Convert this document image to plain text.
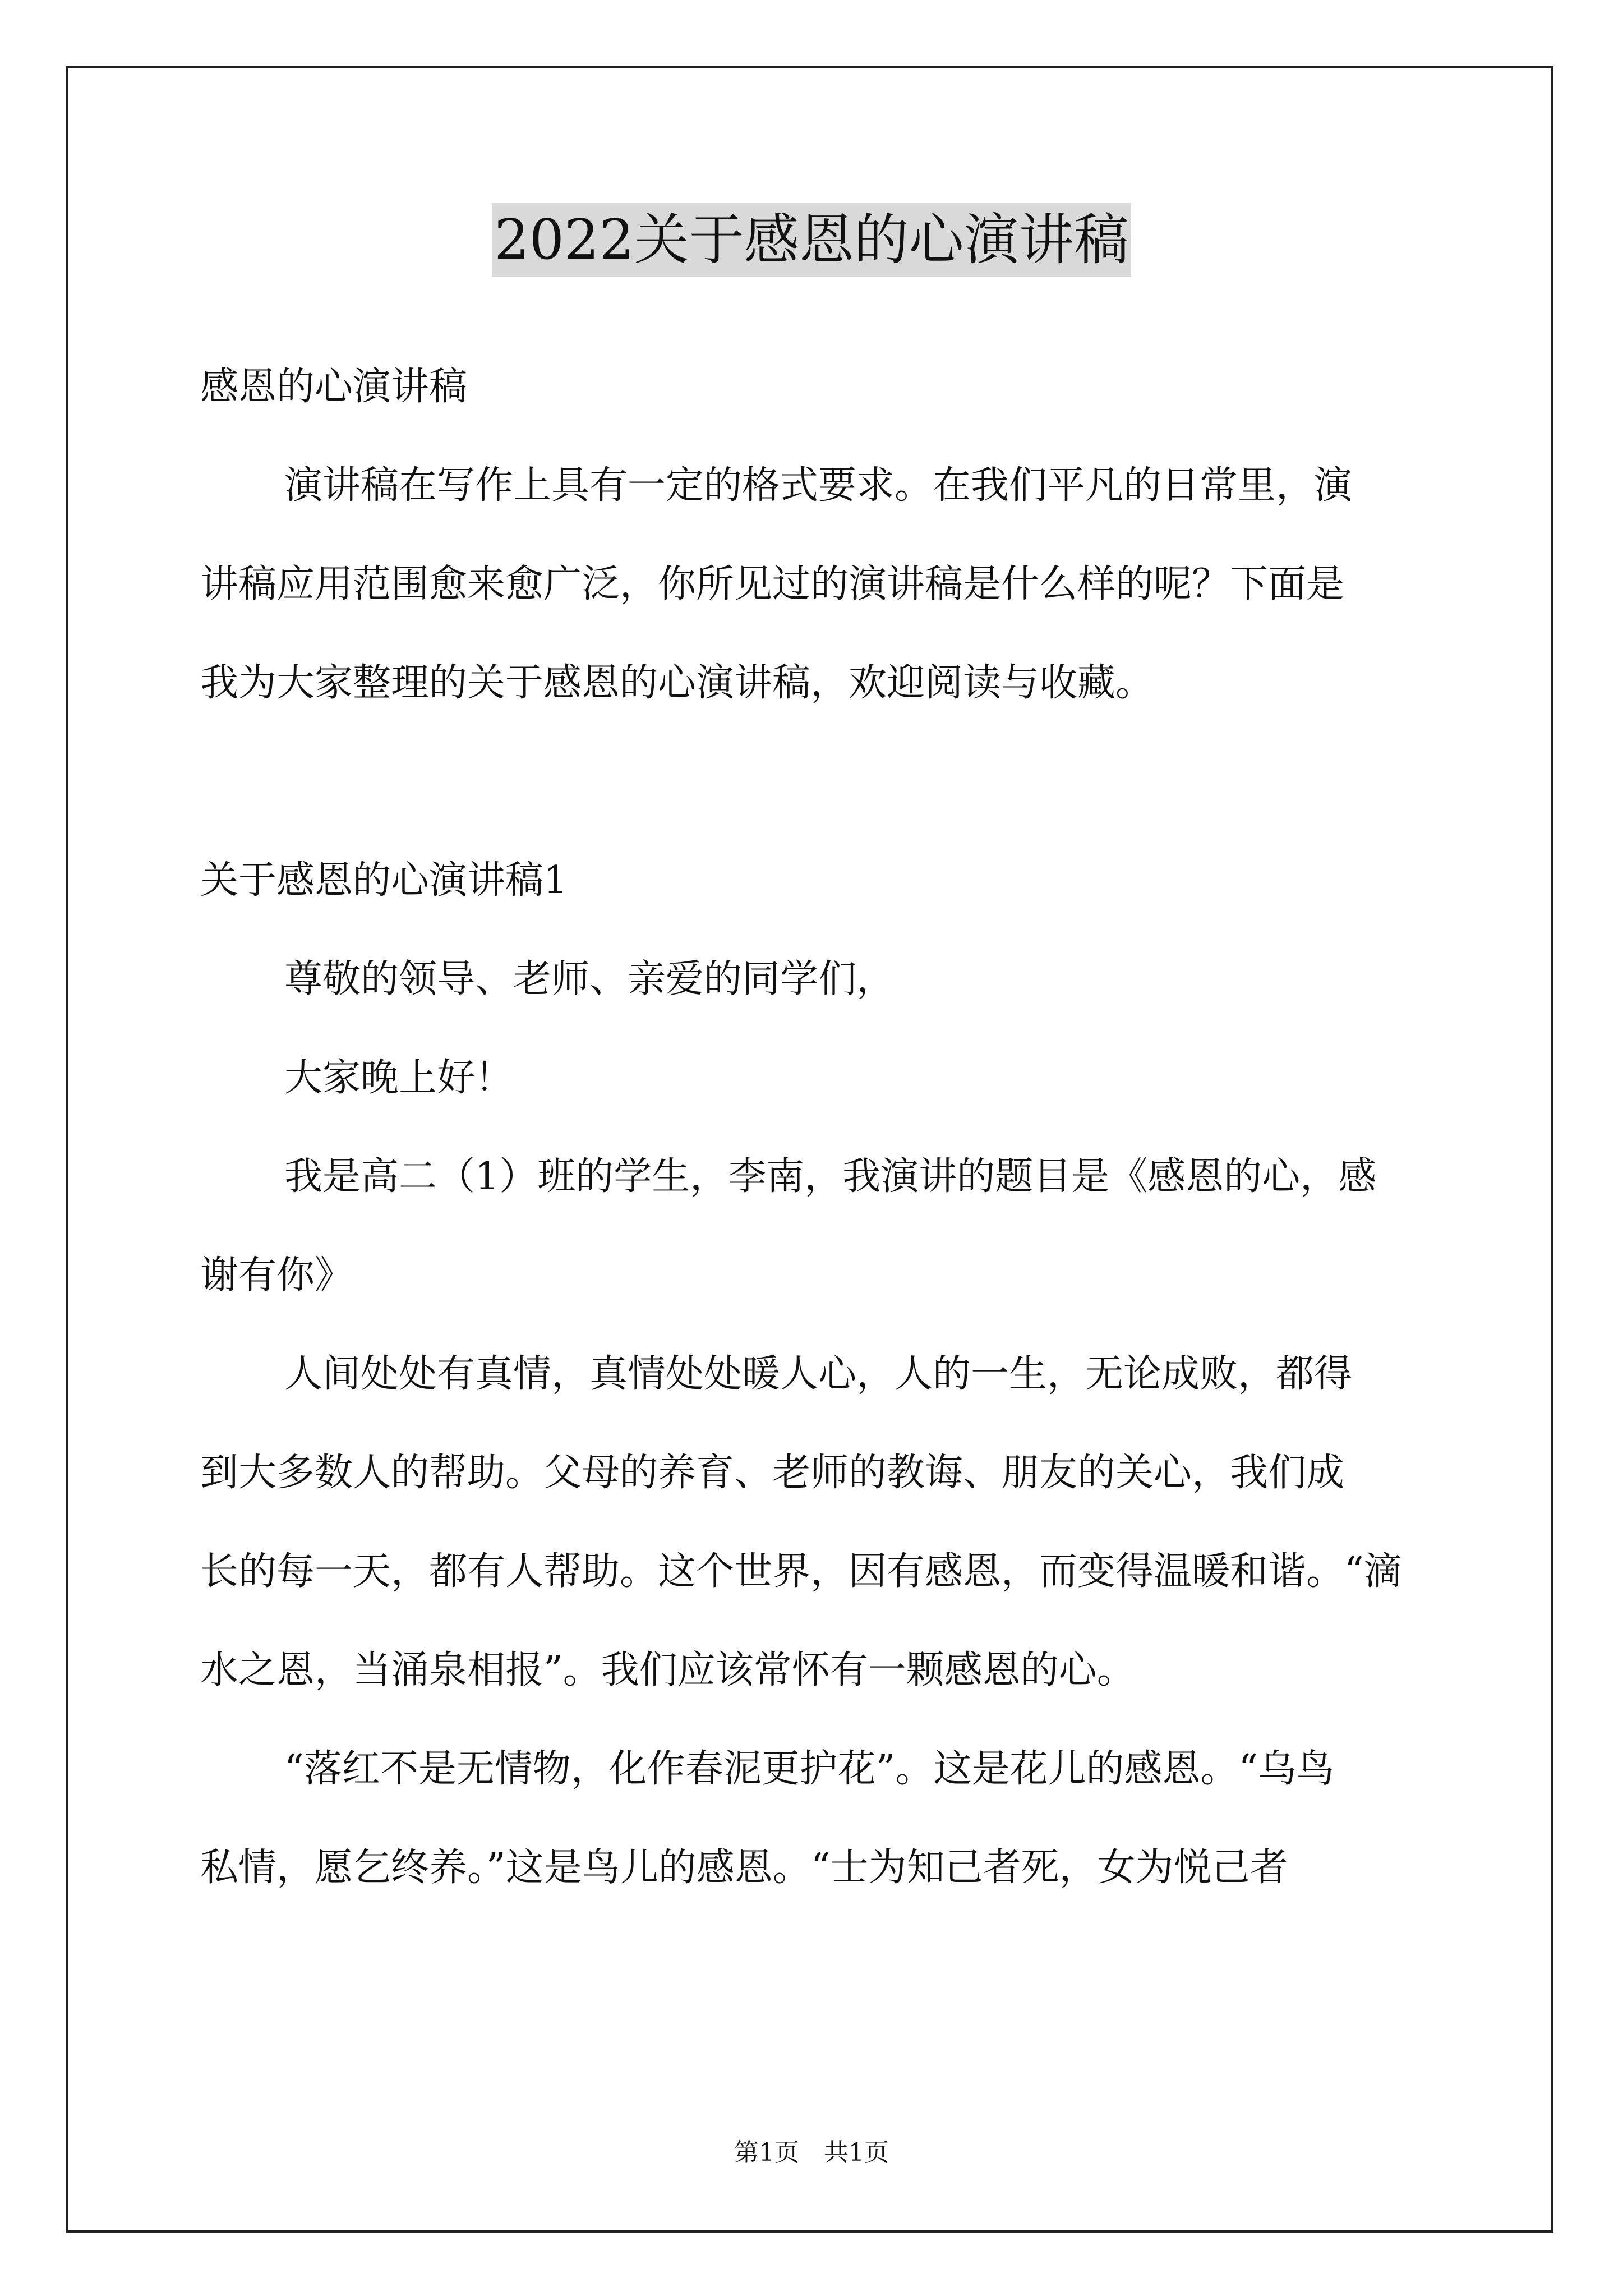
2022关于感恩的心演讲稿
感恩的心演讲稿
演讲稿在写作上具有一定的格式要求。在我们平凡的日常里，演
讲稿应用范围愈来愈广泛，你所见过的演讲稿是什么样的呢？下面是
我为大家整理的关于感恩的心演讲稿，欢迎阅读与收藏。
关于感恩的心演讲稿1
尊敬的领导、老师、亲爱的同学们，
大家晚上好！
我是高二（1）班的学生，李南，我演讲的题目是《感恩的心，感
谢有你》
人间处处有真情，真情处处暖人心，人的一生，无论成败，都得
到大多数人的帮助。父母的养育、老师的教诲、朋友的关心，我们成
长的每一天，都有人帮助。这个世界，因有感恩，而变得温暖和谐。“滴
水之恩，当涌泉相报”。我们应该常怀有一颗感恩的心。
“落红不是无情物，化作春泥更护花”。这是花儿的感恩。“乌鸟
私情，愿乞终养。”这是鸟儿的感恩。“士为知己者死，女为悦己者
第1页　共1页
